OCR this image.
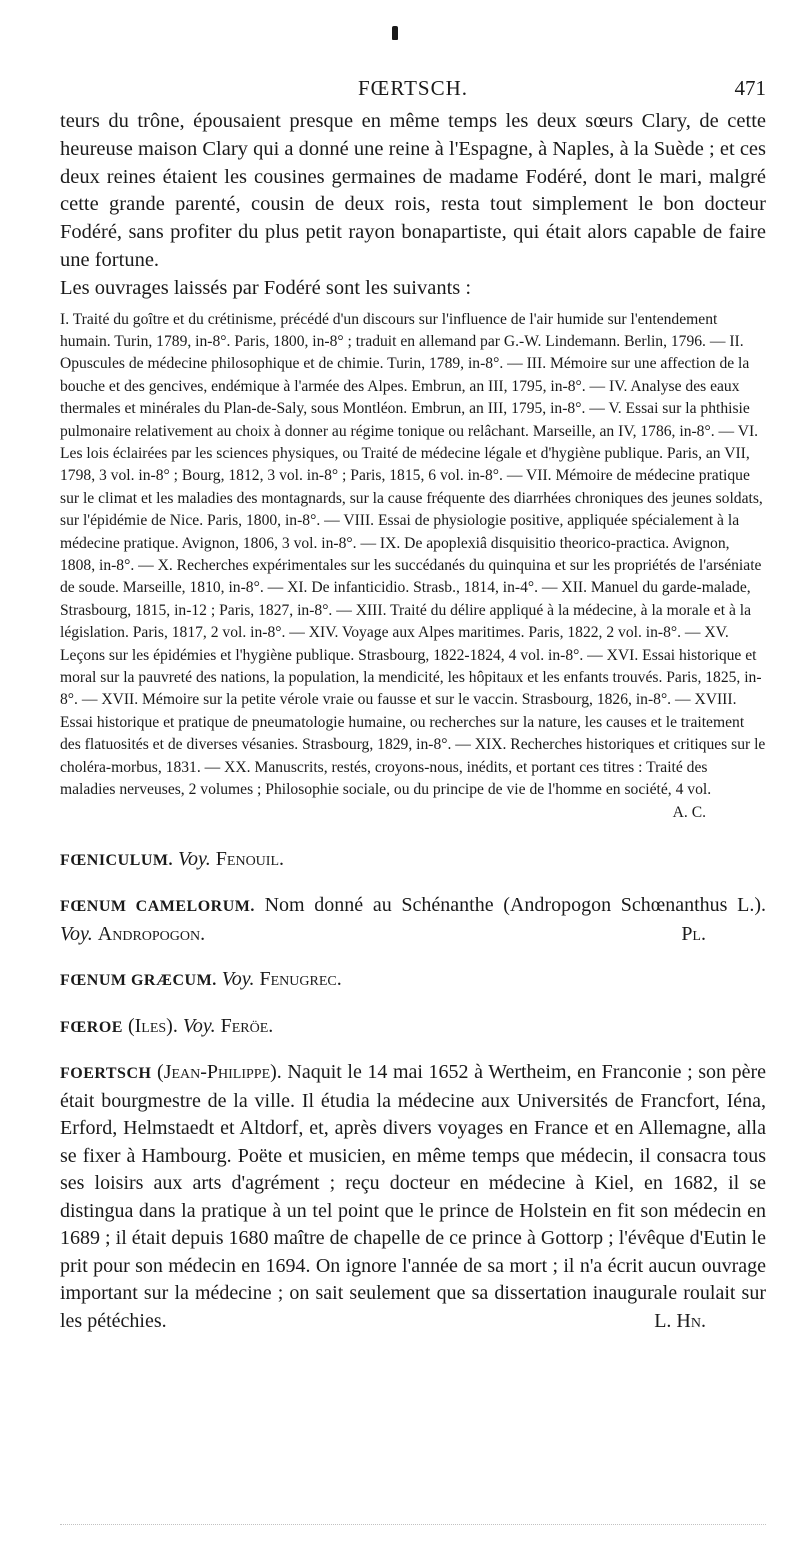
FŒRTSCH.	471

teurs du trône, épousaient presque en même temps les deux sœurs Clary, de cette heureuse maison Clary qui a donné une reine à l'Espagne, à Naples, à la Suède ; et ces deux reines étaient les cousines germaines de madame Fodéré, dont le mari, malgré cette grande parenté, cousin de deux rois, resta tout simplement le bon docteur Fodéré, sans profiter du plus petit rayon bonapartiste, qui était alors capable de faire une fortune.

Les ouvrages laissés par Fodéré sont les suivants :

I. Traité du goître et du crétinisme, précédé d'un discours sur l'influence de l'air humide sur l'entendement humain. Turin, 1789, in-8°. Paris, 1800, in-8° ; traduit en allemand par G.-W. Lindemann. Berlin, 1796. — II. Opuscules de médecine philosophique et de chimie. Turin, 1789, in-8°. — III. Mémoire sur une affection de la bouche et des gencives, endémique à l'armée des Alpes. Embrun, an III, 1795, in-8°. — IV. Analyse des eaux thermales et minérales du Plan-de-Saly, sous Montléon. Embrun, an III, 1795, in-8°. — V. Essai sur la phthisie pulmonaire relativement au choix à donner au régime tonique ou relâchant. Marseille, an IV, 1786, in-8°. — VI. Les lois éclairées par les sciences physiques, ou Traité de médecine légale et d'hygiène publique. Paris, an VII, 1798, 3 vol. in-8° ; Bourg, 1812, 3 vol. in-8° ; Paris, 1815, 6 vol. in-8°. — VII. Mémoire de médecine pratique sur le climat et les maladies des montagnards, sur la cause fréquente des diarrhées chroniques des jeunes soldats, sur l'épidémie de Nice. Paris, 1800, in-8°. — VIII. Essai de physiologie positive, appliquée spécialement à la médecine pratique. Avignon, 1806, 3 vol. in-8°. — IX. De apoplexiâ disquisitio theorico-practica. Avignon, 1808, in-8°. — X. Recherches expérimentales sur les succédanés du quinquina et sur les propriétés de l'arséniate de soude. Marseille, 1810, in-8°. — XI. De infanticidio. Strasb., 1814, in-4°. — XII. Manuel du garde-malade, Strasbourg, 1815, in-12 ; Paris, 1827, in-8°. — XIII. Traité du délire appliqué à la médecine, à la morale et à la législation. Paris, 1817, 2 vol. in-8°. — XIV. Voyage aux Alpes maritimes. Paris, 1822, 2 vol. in-8°. — XV. Leçons sur les épidémies et l'hygiène publique. Strasbourg, 1822-1824, 4 vol. in-8°. — XVI. Essai historique et moral sur la pauvreté des nations, la population, la mendicité, les hôpitaux et les enfants trouvés. Paris, 1825, in-8°. — XVII. Mémoire sur la petite vérole vraie ou fausse et sur le vaccin. Strasbourg, 1826, in-8°. — XVIII. Essai historique et pratique de pneumatologie humaine, ou recherches sur la nature, les causes et le traitement des flatuosités et de diverses vésanies. Strasbourg, 1829, in-8°. — XIX. Recherches historiques et critiques sur le choléra-morbus, 1831. — XX. Manuscrits, restés, croyons-nous, inédits, et portant ces titres : Traité des maladies nerveuses, 2 volumes ; Philosophie sociale, ou du principe de vie de l'homme en société, 4 vol.

A. C.

FŒNICULUM. Voy. Fenouil.

FŒNUM CAMELORUM. Nom donné au Schénanthe (Andropogon Schœnanthus L.). Voy. Andropogon.	Pl.

FŒNUM GRÆCUM. Voy. Fenugrec.

FŒROE (Iles). Voy. Feröe.

FOERTSCH (Jean-Philippe). Naquit le 14 mai 1652 à Wertheim, en Franconie ; son père était bourgmestre de la ville. Il étudia la médecine aux Universités de Francfort, Iéna, Erford, Helmstaedt et Altdorf, et, après divers voyages en France et en Allemagne, alla se fixer à Hambourg. Poëte et musicien, en même temps que médecin, il consacra tous ses loisirs aux arts d'agrément ; reçu docteur en médecine à Kiel, en 1682, il se distingua dans la pratique à un tel point que le prince de Holstein en fit son médecin en 1689 ; il était depuis 1680 maître de chapelle de ce prince à Gottorp ; l'évêque d'Eutin le prit pour son médecin en 1694. On ignore l'année de sa mort ; il n'a écrit aucun ouvrage important sur la médecine ; on sait seulement que sa dissertation inaugurale roulait sur les pétéchies.	L. Hn.
